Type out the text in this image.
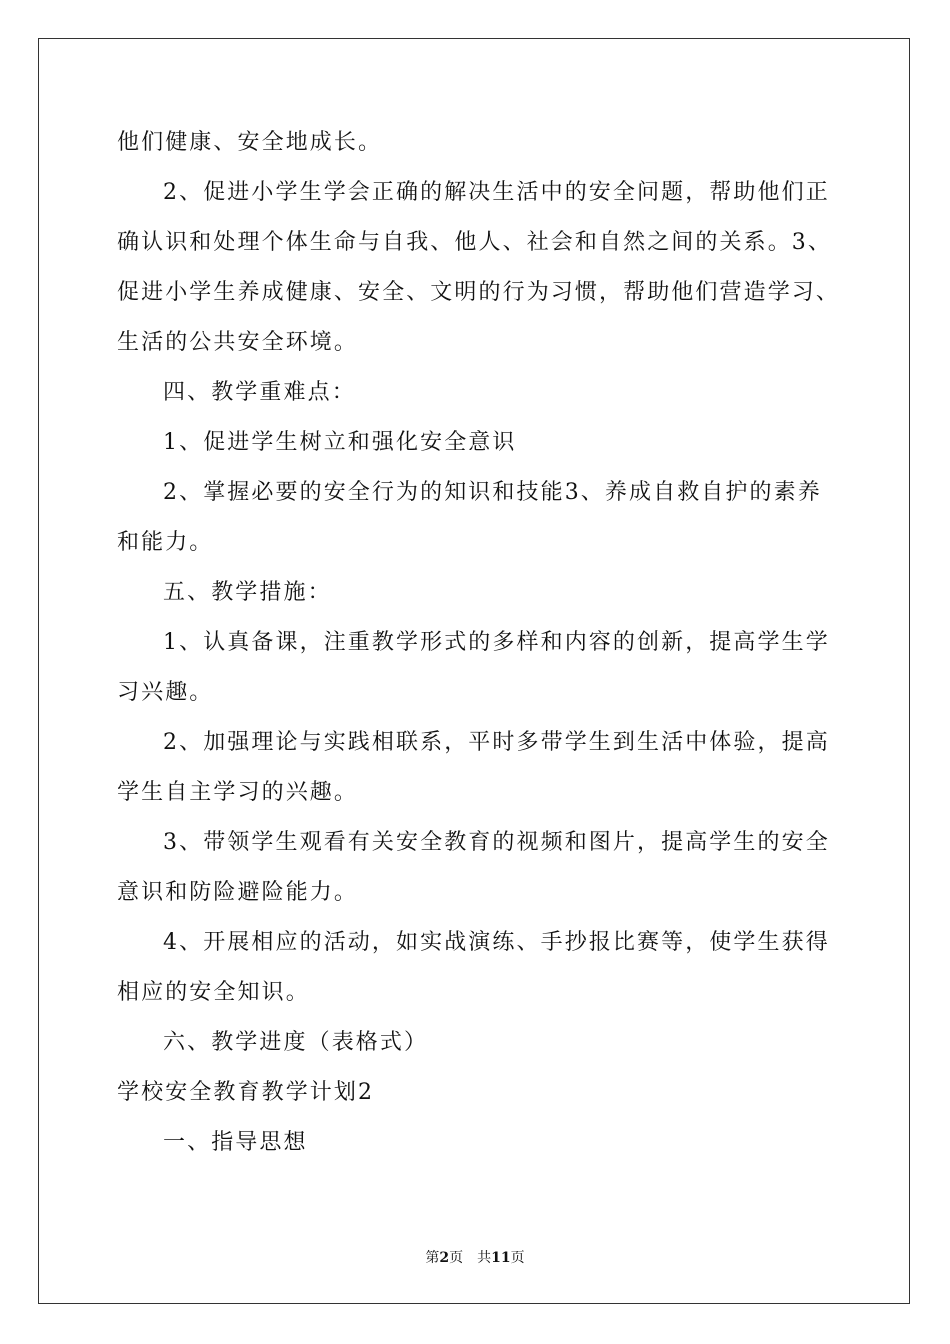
他们健康、安全地成长。
2、促进小学生学会正确的解决生活中的安全问题，帮助他们正
确认识和处理个体生命与自我、他人、社会和自然之间的关系。3、
促进小学生养成健康、安全、文明的行为习惯，帮助他们营造学习、
生活的公共安全环境。
四、教学重难点：
1、促进学生树立和强化安全意识
2、掌握必要的安全行为的知识和技能3、养成自救自护的素养
和能力。
五、教学措施：
1、认真备课，注重教学形式的多样和内容的创新，提高学生学
习兴趣。
2、加强理论与实践相联系，平时多带学生到生活中体验，提高
学生自主学习的兴趣。
3、带领学生观看有关安全教育的视频和图片，提高学生的安全
意识和防险避险能力。
4、开展相应的活动，如实战演练、手抄报比赛等，使学生获得
相应的安全知识。
六、教学进度（表格式）
学校安全教育教学计划2
一、指导思想
第2页 共11页
